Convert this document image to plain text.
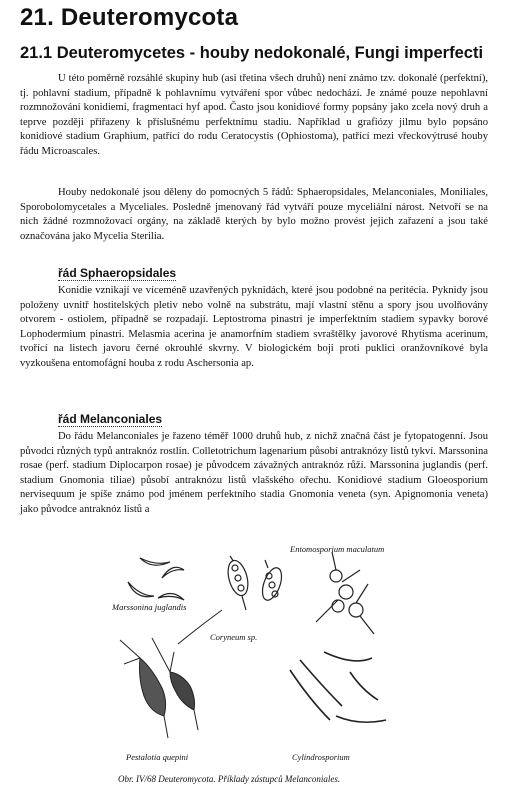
21. Deuteromycota
21.1 Deuteromycetes - houby nedokonalé, Fungi imperfecti

U této poměrně rozsáhlé skupiny hub (asi třetina všech druhů) není známo tzv. dokonalé (perfektní), tj. pohlavní stadium, případně k pohlavnímu vytváření spor vůbec nedochází. Je známé pouze nepohlavní rozmnožování konidiemi, fragmentací hyf apod. Často jsou konidiové formy popsány jako zcela nový druh a teprve později přiřazeny k příslušnému perfektnímu stadiu. Například u grafiózy jilmu bylo popsáno konidiové stadium Graphium, patřící do rodu Ceratocystis (Ophiostoma), patřící mezi vřeckovýtrusé houby řádu Microascales.

Houby nedokonalé jsou děleny do pomocných 5 řádů: Sphaeropsidales, Melanconiales, Moniliales, Sporobolomycetales a Myceliales. Posledně jmenovaný řád vytváří pouze myceliální nárost. Netvoří se na nich žádné rozmnožovací orgány, na základě kterých by bylo možno provést jejich zařazení a jsou také označována jako Mycelia Sterilia.

řád Sphaeropsidales

Konidie vznikají ve víceméně uzavřených pyknidách, které jsou podobné na peritécia. Pyknidy jsou položeny uvnitř hostitelských pletiv nebo volně na substrátu, mají vlastní stěnu a spory jsou uvolňovány otvorem - ostiolem, případně se rozpadají. Leptostroma pinastri je imperfektním stadiem sypavky borové Lophodermium pinastri. Melasmia acerina je anamorfním stadiem svraštělky javorové Rhytisma acerinum, tvořící na listech javoru černé okrouhlé skvrny. V biologickém boji proti puklici oranžovníkové byla vyzkoušena entomofágní houba z rodu Aschersonia ap.

řád Melanconiales

Do řádu Melanconiales je řazeno téměř 1000 druhů hub, z nichž značná část je fytopatogenní. Jsou původci různých typů antraknóz rostlin. Colletotrichum lagenarium působí antraknózy listů tykví. Marssonina rosae (perf. stadium Diplocarpon rosae) je původcem závažných antraknóz růží. Marssonina juglandis (perf. stadium Gnomonia tiliae) působí antraknózu listů vlašského ořechu. Konidiové stadium Gloeosporium nervisequum je spíše známo pod jménem perfektního stadia Gnomonia veneta (syn. Apignomonia veneta) jako původce antraknóz listů a

Entomosporium maculatum
Marssonina juglandis
Coryneum sp.
Pestalotia quepini	Cylindrosporium
Obr. IV/68 Deuteromycota. Příklady zástupců Melanconiales.
